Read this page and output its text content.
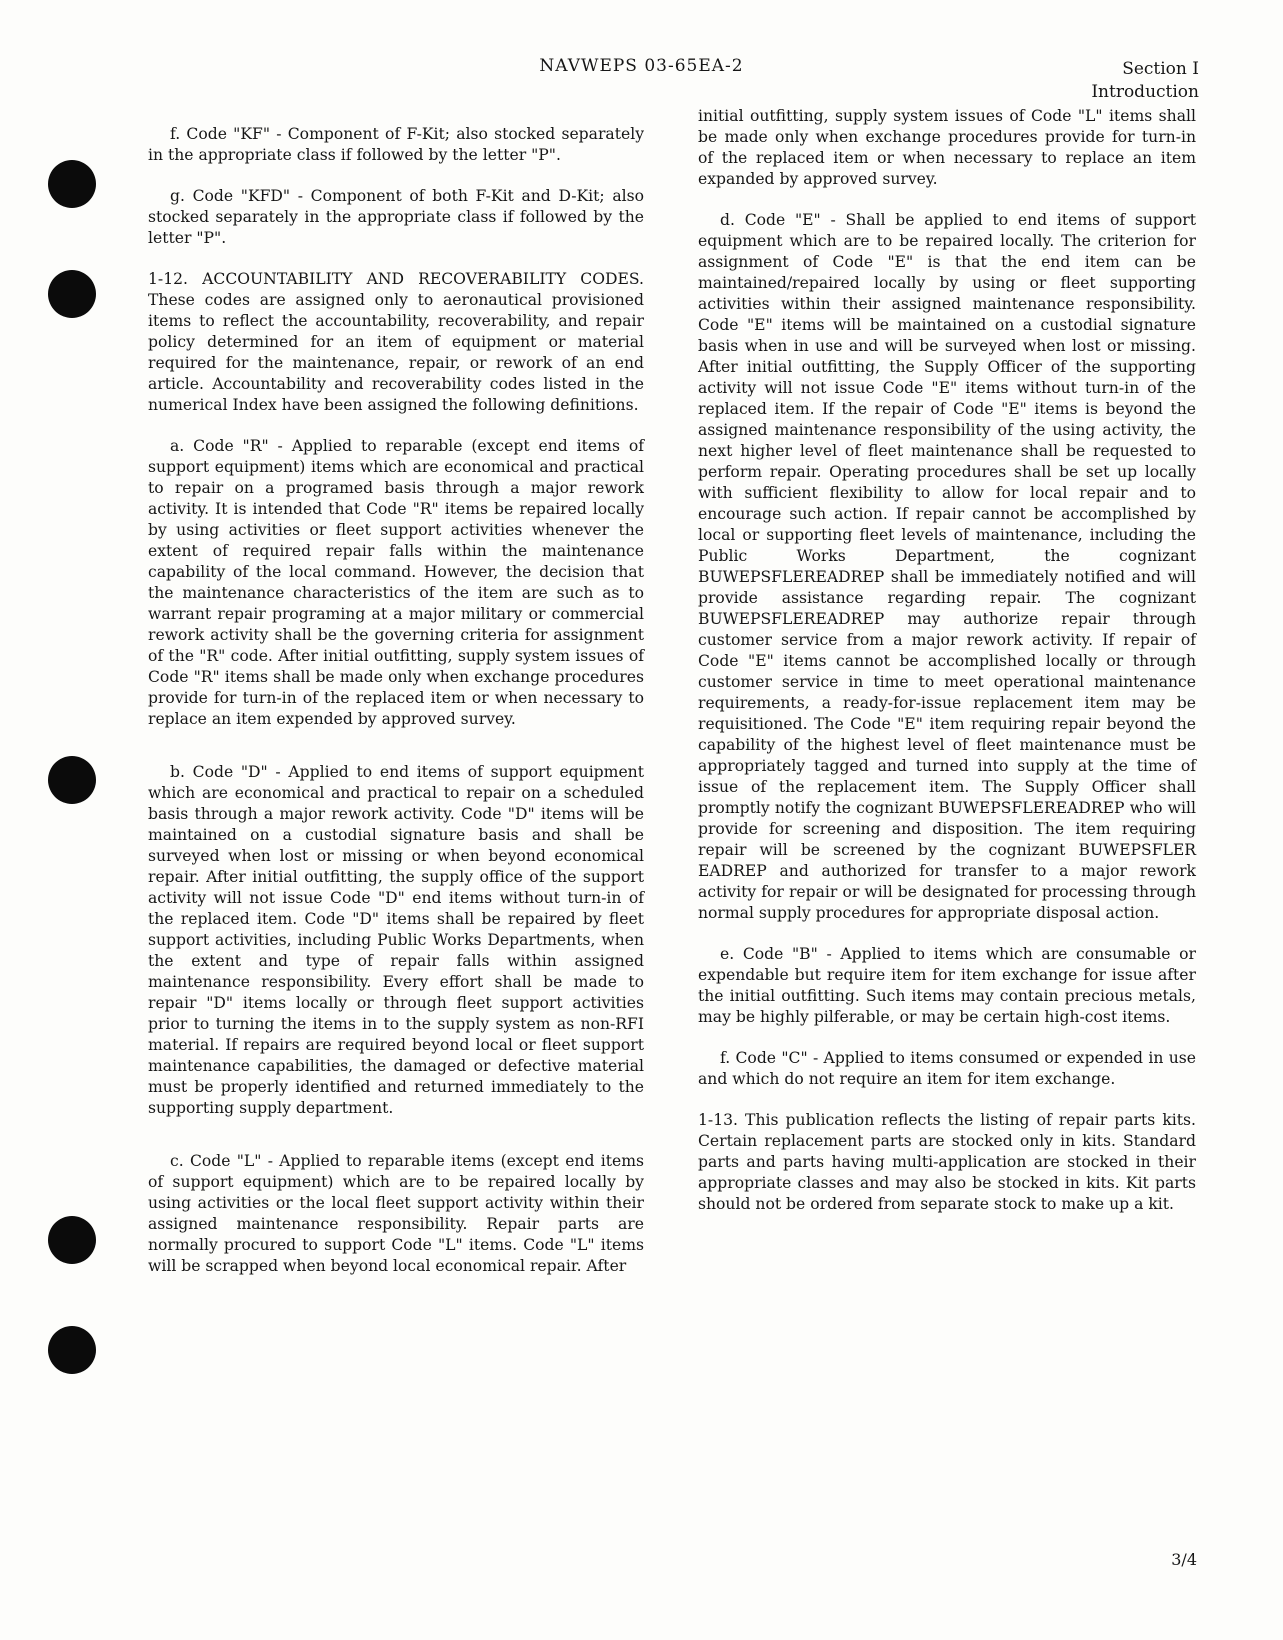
NAVWEPS 03-65EA-2	Section I
Introduction

f. Code "KF" - Component of F-Kit; also stocked separately in the appropriate class if followed by the letter "P".

g. Code "KFD" - Component of both F-Kit and D-Kit; also stocked separately in the appropriate class if followed by the letter "P".

1-12. ACCOUNTABILITY AND RECOVERABILITY CODES. These codes are assigned only to aeronautical provisioned items to reflect the accountability, recoverability, and repair policy determined for an item of equipment or material required for the maintenance, repair, or rework of an end article. Accountability and recoverability codes listed in the numerical Index have been assigned the following definitions.

a. Code "R" - Applied to reparable (except end items of support equipment) items which are economical and practical to repair on a programed basis through a major rework activity. It is intended that Code "R" items be repaired locally by using activities or fleet support activities whenever the extent of required repair falls within the maintenance capability of the local command. However, the decision that the maintenance characteristics of the item are such as to warrant repair programing at a major military or commercial rework activity shall be the governing criteria for assignment of the "R" code. After initial outfitting, supply system issues of Code "R" items shall be made only when exchange procedures provide for turn-in of the replaced item or when necessary to replace an item expended by approved survey.

b. Code "D" - Applied to end items of support equipment which are economical and practical to repair on a scheduled basis through a major rework activity. Code "D" items will be maintained on a custodial signature basis and shall be surveyed when lost or missing or when beyond economical repair. After initial outfitting, the supply office of the support activity will not issue Code "D" end items without turn-in of the replaced item. Code "D" items shall be repaired by fleet support activities, including Public Works Departments, when the extent and type of repair falls within assigned maintenance responsibility. Every effort shall be made to repair "D" items locally or through fleet support activities prior to turning the items in to the supply system as non-RFI material. If repairs are required beyond local or fleet support maintenance capabilities, the damaged or defective material must be properly identified and returned immediately to the supporting supply department.

c. Code "L" - Applied to reparable items (except end items of support equipment) which are to be repaired locally by using activities or the local fleet support activity within their assigned maintenance responsibility. Repair parts are normally procured to support Code "L" items. Code "L" items will be scrapped when beyond local economical repair. After

initial outfitting, supply system issues of Code "L" items shall be made only when exchange procedures provide for turn-in of the replaced item or when necessary to replace an item expanded by approved survey.

d. Code "E" - Shall be applied to end items of support equipment which are to be repaired locally. The criterion for assignment of Code "E" is that the end item can be maintained/repaired locally by using or fleet supporting activities within their assigned maintenance responsibility. Code "E" items will be maintained on a custodial signature basis when in use and will be surveyed when lost or missing. After initial outfitting, the Supply Officer of the supporting activity will not issue Code "E" items without turn-in of the replaced item. If the repair of Code "E" items is beyond the assigned maintenance responsibility of the using activity, the next higher level of fleet maintenance shall be requested to perform repair. Operating procedures shall be set up locally with sufficient flexibility to allow for local repair and to encourage such action. If repair cannot be accomplished by local or supporting fleet levels of maintenance, including the Public Works Department, the cognizant BUWEPSFLEREADREP shall be immediately notified and will provide assistance regarding repair. The cognizant BUWEPSFLEREADREP may authorize repair through customer service from a major rework activity. If repair of Code "E" items cannot be accomplished locally or through customer service in time to meet operational maintenance requirements, a ready-for-issue replacement item may be requisitioned. The Code "E" item requiring repair beyond the capability of the highest level of fleet maintenance must be appropriately tagged and turned into supply at the time of issue of the replacement item. The Supply Officer shall promptly notify the cognizant BUWEPSFLEREADREP who will provide for screening and disposition. The item requiring repair will be screened by the cognizant BUWEPSFLER EADREP and authorized for transfer to a major rework activity for repair or will be designated for processing through normal supply procedures for appropriate disposal action.

e. Code "B" - Applied to items which are consumable or expendable but require item for item exchange for issue after the initial outfitting. Such items may contain precious metals, may be highly pilferable, or may be certain high-cost items.

f. Code "C" - Applied to items consumed or expended in use and which do not require an item for item exchange.

1-13. This publication reflects the listing of repair parts kits. Certain replacement parts are stocked only in kits. Standard parts and parts having multi-application are stocked in their appropriate classes and may also be stocked in kits. Kit parts should not be ordered from separate stock to make up a kit.

3/4
